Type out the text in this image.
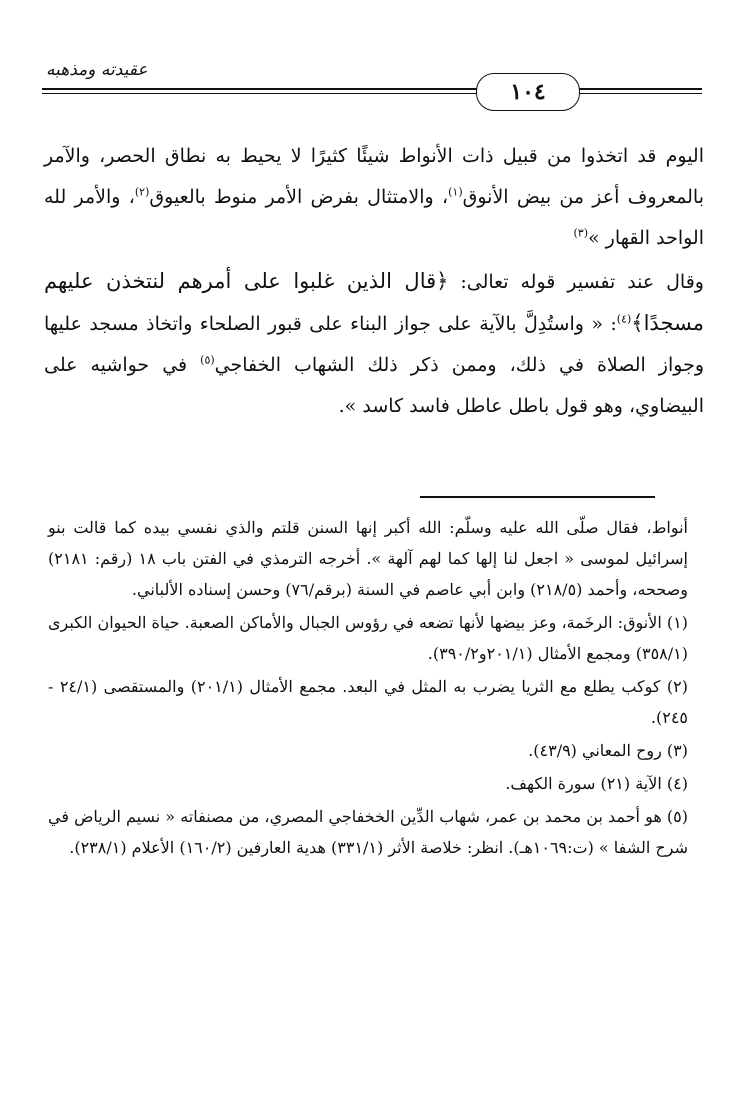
عقيدته ومذهبه
١٠٤

اليوم قد اتخذوا من قبيل ذات الأنواط شيئًا كثيرًا لا يحيط به نطاق الحصر، والآمر بالمعروف أعز من بيض الأنوق$^{(١)}$، والامتثال بفرض الأمر منوط بالعيوق$^{(٢)}$، والأمر لله الواحد القهار »$^{(٣)}$

وقال عند تفسير قوله تعالى: ﴿قال الذين غلبوا على أمرهم لنتخذن عليهم مسجدًا﴾$^{(٤)}$: « واستُدِلَّ بالآية على جواز البناء على قبور الصلحاء واتخاذ مسجد عليها وجواز الصلاة في ذلك، وممن ذكر ذلك الشهاب الخفاجي$^{(٥)}$ في حواشيه على البيضاوي، وهو قول باطل عاطل فاسد كاسد ».

أنواط، فقال صلّى الله عليه وسلّم: الله أكبر إنها السنن قلتم والذي نفسي بيده كما قالت بنو إسرائيل لموسى « اجعل لنا إلها كما لهم آلهة ». أخرجه الترمذي في الفتن باب ١٨ (رقم: ٢١٨١) وصححه، وأحمد (٢١٨/٥) وابن أبي عاصم في السنة (برقم/٧٦) وحسن إسناده الألباني.

(١) الأنوق: الرخَمة، وعز بيضها لأنها تضعه في رؤوس الجبال والأماكن الصعبة. حياة الحيوان الكبرى (٣٥٨/١) ومجمع الأمثال (٢٠١/١و٣٩٠/٢).

(٢) كوكب يطلع مع الثريا يضرب به المثل في البعد. مجمع الأمثال (٢٠١/١) والمستقصى (٢٤/١ - ٢٤٥).

(٣) روح المعاني (٤٣/٩).

(٤) الآية (٢١) سورة الكهف.

(٥) هو أحمد بن محمد بن عمر، شهاب الدِّين الخخفاجي المصري، من مصنفاته « نسيم الرياض في شرح الشفا » (ت:١٠٦٩هـ). انظر: خلاصة الأثر (٣٣١/١) هدية العارفين (١٦٠/٢) الأعلام (٢٣٨/١).
